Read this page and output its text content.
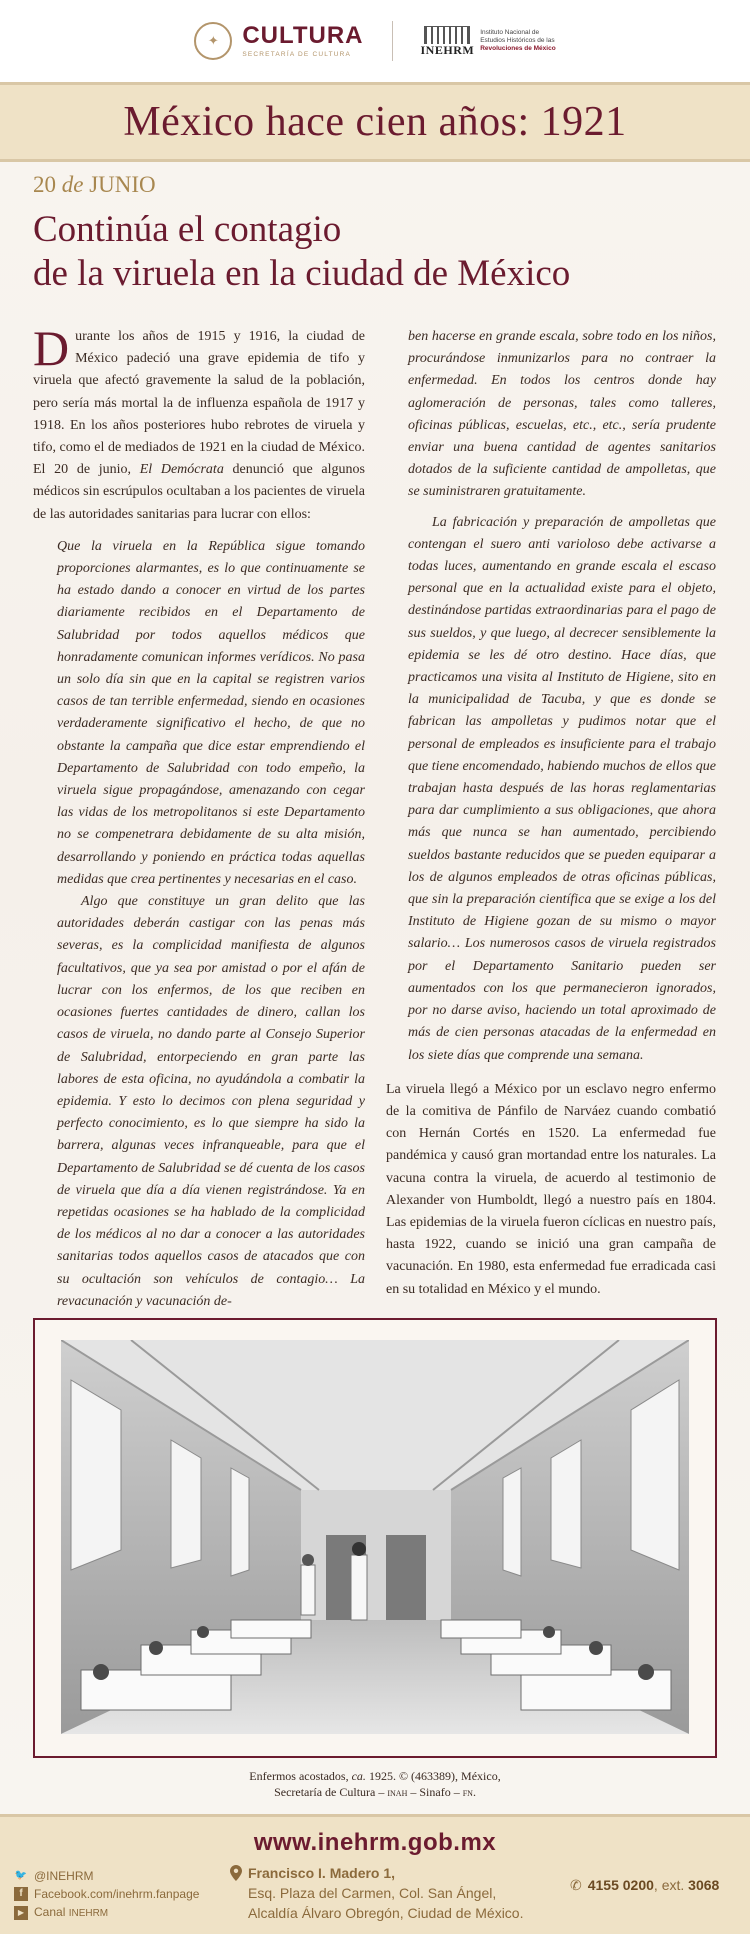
✦ CULTURA
SECRETARÍA DE CULTURA	INEHRM
Instituto Nacional de
Estudios Históricos de las
Revoluciones de México
México hace cien años: 1921
20 de JUNIO
Continúa el contagio
de la viruela en la ciudad de México

Durante los años de 1915 y 1916, la ciudad de México padeció una grave epidemia de tifo y viruela que afectó gravemente la salud de la población, pero sería más mortal la de influenza española de 1917 y 1918. En los años posteriores hubo rebrotes de viruela y tifo, como el de mediados de 1921 en la ciudad de México. El 20 de junio, El Demócrata denunció que algunos médicos sin escrúpulos ocultaban a los pacientes de viruela de las autoridades sanitarias para lucrar con ellos:

Que la viruela en la República sigue tomando proporciones alarmantes, es lo que continuamente se ha estado dando a conocer en virtud de los partes diariamente recibidos en el Departamento de Salubridad por todos aquellos médicos que honradamente comunican informes verídicos. No pasa un solo día sin que en la capital se registren varios casos de tan terrible enfermedad, siendo en ocasiones verdaderamente significativo el hecho, de que no obstante la campaña que dice estar emprendiendo el Departamento de Salubridad con todo empeño, la viruela sigue propagándose, amenazando con cegar las vidas de los metropolitanos si este Departamento no se compenetrara debidamente de su alta misión, desarrollando y poniendo en práctica todas aquellas medidas que crea pertinentes y necesarias en el caso.

Algo que constituye un gran delito que las autoridades deberán castigar con las penas más severas, es la complicidad manifiesta de algunos facultativos, que ya sea por amistad o por el afán de lucrar con los enfermos, de los que reciben en ocasiones fuertes cantidades de dinero, callan los casos de viruela, no dando parte al Consejo Superior de Salubridad, entorpeciendo en gran parte las labores de esta oficina, no ayudándola a combatir la epidemia. Y esto lo decimos con plena seguridad y perfecto conocimiento, es lo que siempre ha sido la barrera, algunas veces infranqueable, para que el Departamento de Salubridad se dé cuenta de los casos de viruela que día a día vienen registrándose. Ya en repetidas ocasiones se ha hablado de la complicidad de los médicos al no dar a conocer a las autoridades sanitarias todos aquellos casos de atacados que con su ocultación son vehículos de contagio… La revacunación y vacunación de-

ben hacerse en grande escala, sobre todo en los niños, procurándose inmunizarlos para no contraer la enfermedad. En todos los centros donde hay aglomeración de personas, tales como talleres, oficinas públicas, escuelas, etc., etc., sería prudente enviar una buena cantidad de agentes sanitarios dotados de la suficiente cantidad de ampolletas, que se suministraren gratuitamente.

La fabricación y preparación de ampolletas que contengan el suero anti varioloso debe activarse a todas luces, aumentando en grande escala el escaso personal que en la actualidad existe para el objeto, destinándose partidas extraordinarias para el pago de sus sueldos, y que luego, al decrecer sensiblemente la epidemia se les dé otro destino. Hace días, que practicamos una visita al Instituto de Higiene, sito en la municipalidad de Tacuba, y que es donde se fabrican las ampolletas y pudimos notar que el personal de empleados es insuficiente para el trabajo que tiene encomendado, habiendo muchos de ellos que trabajan hasta después de las horas reglamentarias para dar cumplimiento a sus obligaciones, que ahora más que nunca se han aumentado, percibiendo sueldos bastante reducidos que se pueden equiparar a los de algunos empleados de otras oficinas públicas, que sin la preparación científica que se exige a los del Instituto de Higiene gozan de su mismo o mayor salario… Los numerosos casos de viruela registrados por el Departamento Sanitario pueden ser aumentados con los que permanecieron ignorados, por no darse aviso, haciendo un total aproximado de más de cien personas atacadas de la enfermedad en los siete días que comprende una semana.

La viruela llegó a México por un esclavo negro enfermo de la comitiva de Pánfilo de Narváez cuando combatió con Hernán Cortés en 1520. La enfermedad fue pandémica y causó gran mortandad entre los naturales. La vacuna contra la viruela, de acuerdo al testimonio de Alexander von Humboldt, llegó a nuestro país en 1804. Las epidemias de la viruela fueron cíclicas en nuestro país, hasta 1922, cuando se inició una gran campaña de vacunación. En 1980, esta enfermedad fue erradicada casi en su totalidad en México y el mundo.

Enfermos acostados, ca. 1925. © (463389), México,
Secretaría de Cultura – inah – Sinafo – fn.
www.inehrm.gob.mx
🐦 @INEHRM
f Facebook.com/inehrm.fanpage
▶ Canal INEHRM
Francisco I. Madero 1,
Esq. Plaza del Carmen, Col. San Ángel,
Alcaldía Álvaro Obregón, Ciudad de México.
✆ 4155 0200, ext. 3068
